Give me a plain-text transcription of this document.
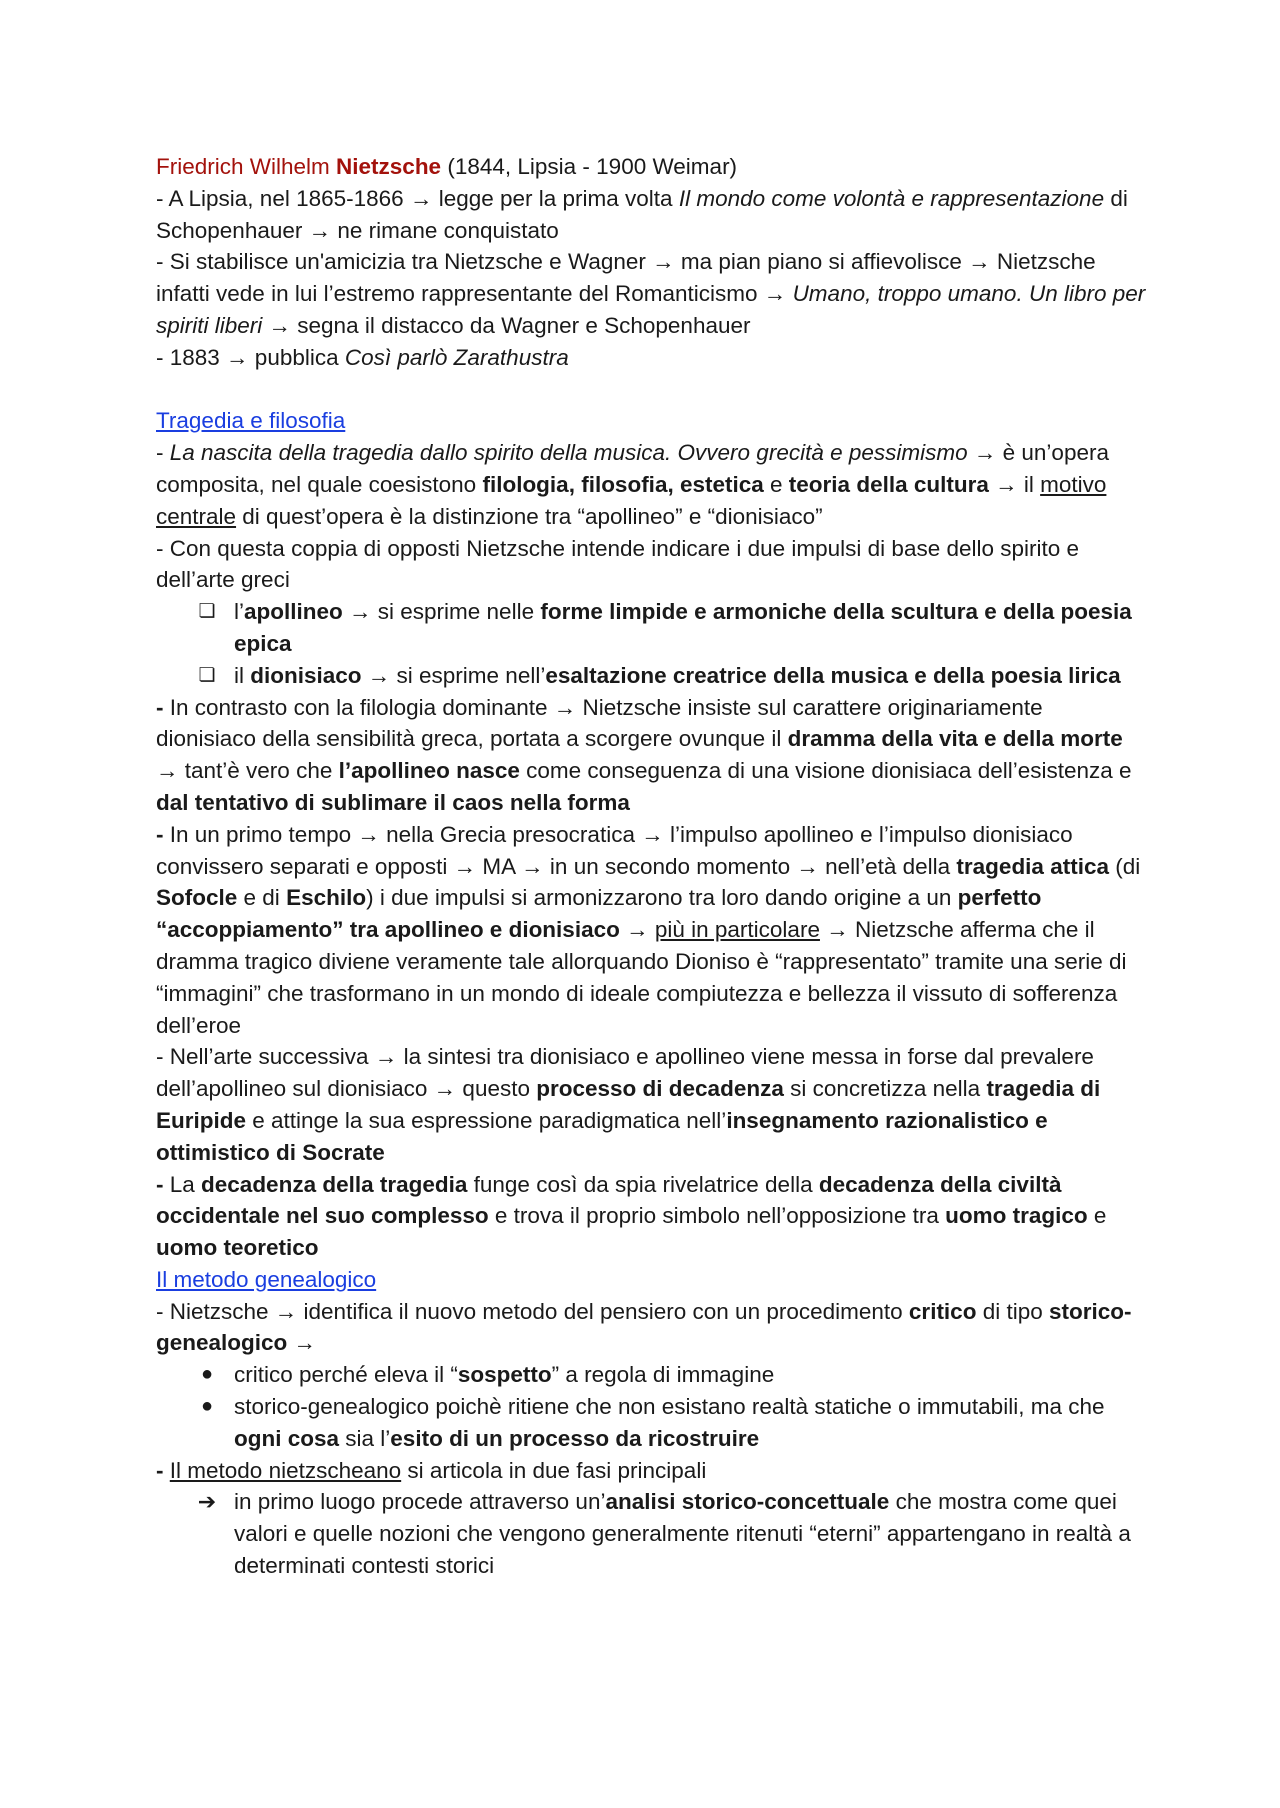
Friedrich Wilhelm Nietzsche (1844, Lipsia - 1900 Weimar)

- A Lipsia, nel 1865-1866 → legge per la prima volta Il mondo come volontà e rappresentazione di Schopenhauer → ne rimane conquistato

- Si stabilisce un'amicizia tra Nietzsche e Wagner → ma pian piano si affievolisce → Nietzsche infatti vede in lui l’estremo rappresentante del Romanticismo → Umano, troppo umano. Un libro per spiriti liberi → segna il distacco da Wagner e Schopenhauer

- 1883 → pubblica Così parlò Zarathustra

Tragedia e filosofia

- La nascita della tragedia dallo spirito della musica. Ovvero grecità e pessimismo → è un’opera composita, nel quale coesistono filologia, filosofia, estetica e teoria della cultura → il motivo centrale di quest’opera è la distinzione tra “apollineo” e “dionisiaco”

- Con questa coppia di opposti Nietzsche intende indicare i due impulsi di base dello spirito e dell’arte greci

❏ l’apollineo → si esprime nelle forme limpide e armoniche della scultura e della poesia epica

❏ il dionisiaco → si esprime nell’esaltazione creatrice della musica e della poesia lirica

- In contrasto con la filologia dominante → Nietzsche insiste sul carattere originariamente dionisiaco della sensibilità greca, portata a scorgere ovunque il dramma della vita e della morte → tant’è vero che l’apollineo nasce come conseguenza di una visione dionisiaca dell’esistenza e dal tentativo di sublimare il caos nella forma

- In un primo tempo → nella Grecia presocratica → l’impulso apollineo e l’impulso dionisiaco convissero separati e opposti → MA → in un secondo momento → nell’età della tragedia attica (di Sofocle e di Eschilo) i due impulsi si armonizzarono tra loro dando origine a un perfetto “accoppiamento” tra apollineo e dionisiaco → più in particolare → Nietzsche afferma che il dramma tragico diviene veramente tale allorquando Dioniso è “rappresentato” tramite una serie di “immagini” che trasformano in un mondo di ideale compiutezza e bellezza il vissuto di sofferenza dell’eroe

- Nell’arte successiva → la sintesi tra dionisiaco e apollineo viene messa in forse dal prevalere dell’apollineo sul dionisiaco → questo processo di decadenza si concretizza nella tragedia di Euripide e attinge la sua espressione paradigmatica nell’insegnamento razionalistico e ottimistico di Socrate

- La decadenza della tragedia funge così da spia rivelatrice della decadenza della civiltà occidentale nel suo complesso e trova il proprio simbolo nell’opposizione tra uomo tragico e uomo teoretico

Il metodo genealogico

- Nietzsche → identifica il nuovo metodo del pensiero con un procedimento critico di tipo storico-genealogico →

● critico perché eleva il “sospetto” a regola di immagine

● storico-genealogico poichè ritiene che non esistano realtà statiche o immutabili, ma che ogni cosa sia l’esito di un processo da ricostruire

- Il metodo nietzscheano si articola in due fasi principali

➔ in primo luogo procede attraverso un’analisi storico-concettuale che mostra come quei valori e quelle nozioni che vengono generalmente ritenuti “eterni” appartengano in realtà a determinati contesti storici
